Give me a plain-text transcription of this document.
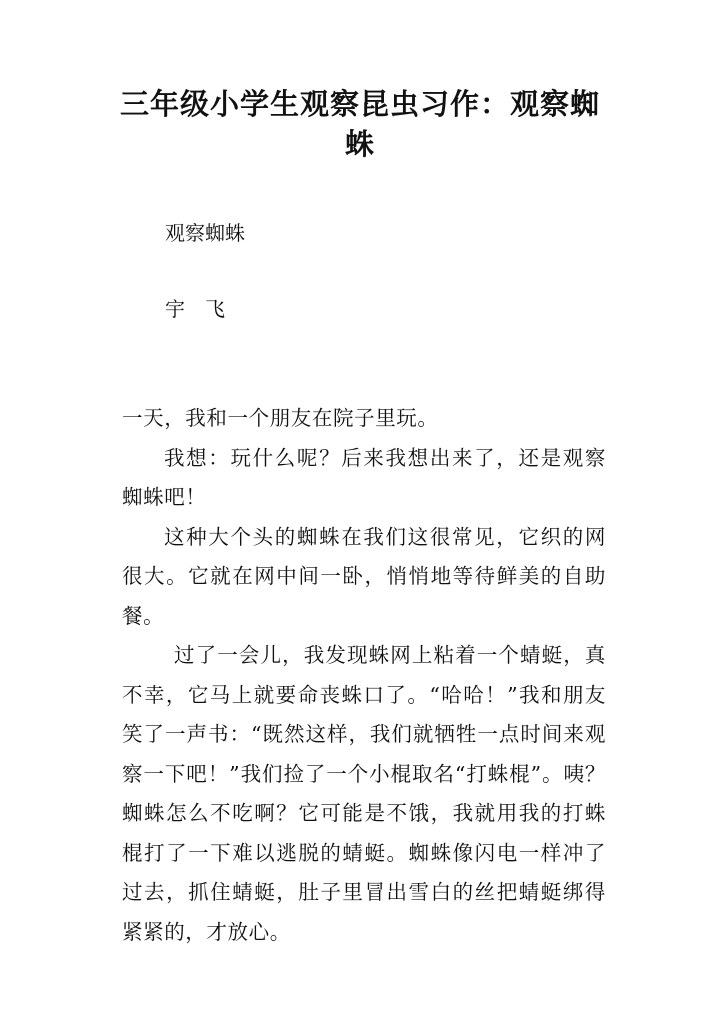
三年级小学生观察昆虫习作：观察蜘蛛
观察蜘蛛
宇　飞

一天，我和一个朋友在院子里玩。

我想：玩什么呢？后来我想出来了，还是观察蜘蛛吧！

这种大个头的蜘蛛在我们这很常见，它织的网很大。它就在网中间一卧，悄悄地等待鲜美的自助餐。

过了一会儿，我发现蛛网上粘着一个蜻蜓，真不幸，它马上就要命丧蛛口了。“哈哈！”我和朋友笑了一声书：“既然这样，我们就牺牲一点时间来观察一下吧！”我们捡了一个小棍取名“打蛛棍”。咦？蜘蛛怎么不吃啊？它可能是不饿，我就用我的打蛛棍打了一下难以逃脱的蜻蜓。蜘蛛像闪电一样冲了过去，抓住蜻蜓，肚子里冒出雪白的丝把蜻蜓绑得紧紧的，才放心。
